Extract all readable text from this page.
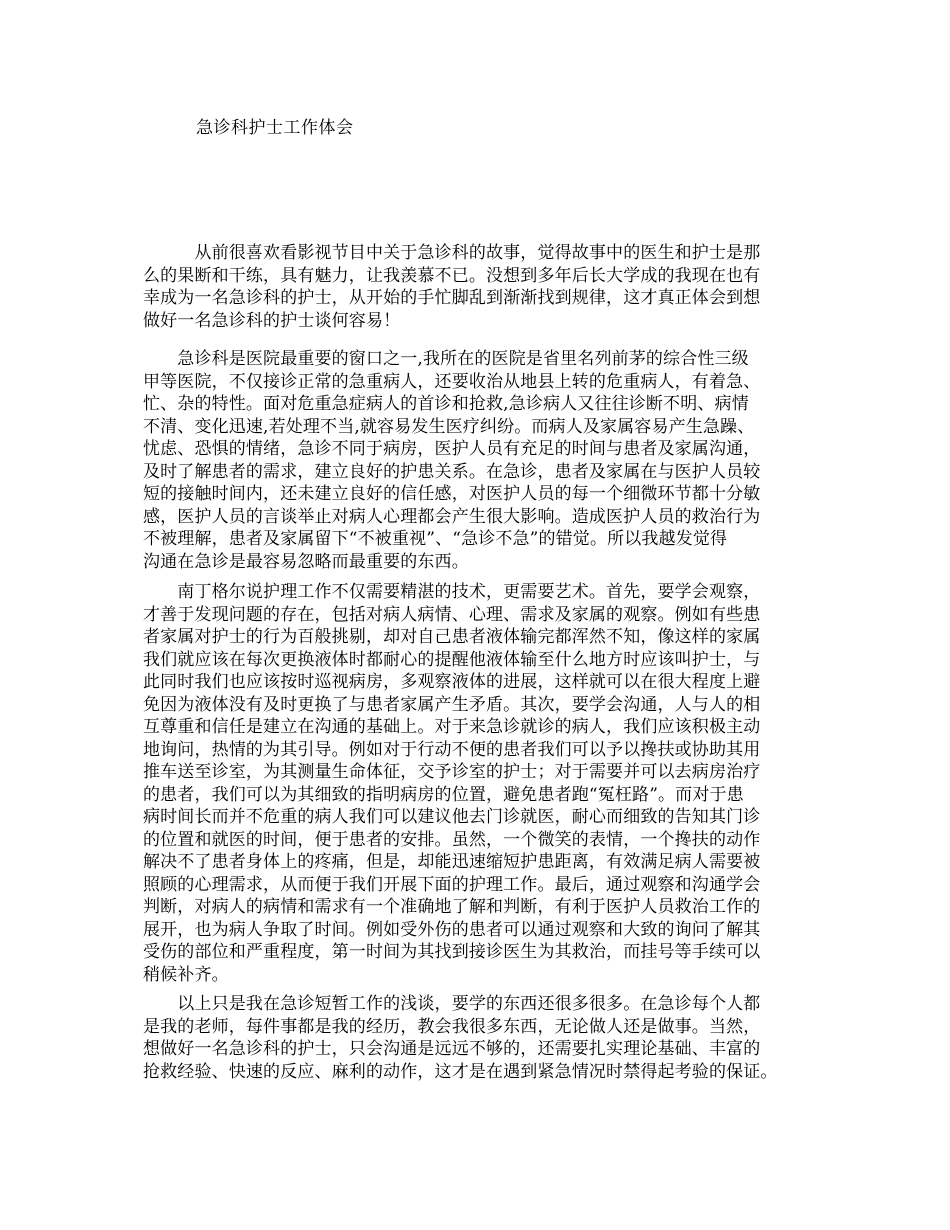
急诊科护士工作体会
　　　从前很喜欢看影视节目中关于急诊科的故事，觉得故事中的医生和护士是那
么的果断和干练，具有魅力，让我羡慕不已。没想到多年后长大学成的我现在也有
幸成为一名急诊科的护士，从开始的手忙脚乱到渐渐找到规律，这才真正体会到想
做好一名急诊科的护士谈何容易！
　　急诊科是医院最重要的窗口之一,我所在的医院是省里名列前茅的综合性三级
甲等医院，不仅接诊正常的急重病人，还要收治从地县上转的危重病人，有着急、
忙、杂的特性。面对危重急症病人的首诊和抢救,急诊病人又往往诊断不明、病情
不清、变化迅速,若处理不当,就容易发生医疗纠纷。而病人及家属容易产生急躁、
忧虑、恐惧的情绪，急诊不同于病房，医护人员有充足的时间与患者及家属沟通，
及时了解患者的需求，建立良好的护患关系。在急诊，患者及家属在与医护人员较
短的接触时间内，还未建立良好的信任感，对医护人员的每一个细微环节都十分敏
感，医护人员的言谈举止对病人心理都会产生很大影响。造成医护人员的救治行为
不被理解，患者及家属留下“不被重视”、“急诊不急”的错觉。所以我越发觉得
沟通在急诊是最容易忽略而最重要的东西。
　　南丁格尔说护理工作不仅需要精湛的技术，更需要艺术。首先，要学会观察，
才善于发现问题的存在，包括对病人病情、心理、需求及家属的观察。例如有些患
者家属对护士的行为百般挑剔，却对自己患者液体输完都浑然不知，像这样的家属
我们就应该在每次更换液体时都耐心的提醒他液体输至什么地方时应该叫护士，与
此同时我们也应该按时巡视病房，多观察液体的进展，这样就可以在很大程度上避
免因为液体没有及时更换了与患者家属产生矛盾。其次，要学会沟通，人与人的相
互尊重和信任是建立在沟通的基础上。对于来急诊就诊的病人，我们应该积极主动
地询问，热情的为其引导。例如对于行动不便的患者我们可以予以搀扶或协助其用
推车送至诊室，为其测量生命体征，交予诊室的护士；对于需要并可以去病房治疗
的患者，我们可以为其细致的指明病房的位置，避免患者跑“冤枉路”。而对于患
病时间长而并不危重的病人我们可以建议他去门诊就医，耐心而细致的告知其门诊
的位置和就医的时间，便于患者的安排。虽然，一个微笑的表情，一个搀扶的动作
解决不了患者身体上的疼痛，但是，却能迅速缩短护患距离，有效满足病人需要被
照顾的心理需求，从而便于我们开展下面的护理工作。最后，通过观察和沟通学会
判断，对病人的病情和需求有一个准确地了解和判断，有利于医护人员救治工作的
展开，也为病人争取了时间。例如受外伤的患者可以通过观察和大致的询问了解其
受伤的部位和严重程度，第一时间为其找到接诊医生为其救治，而挂号等手续可以
稍候补齐。
　　以上只是我在急诊短暂工作的浅谈，要学的东西还很多很多。在急诊每个人都
是我的老师，每件事都是我的经历，教会我很多东西，无论做人还是做事。当然，
想做好一名急诊科的护士，只会沟通是远远不够的，还需要扎实理论基础、丰富的
抢救经验、快速的反应、麻利的动作，这才是在遇到紧急情况时禁得起考验的保证。
